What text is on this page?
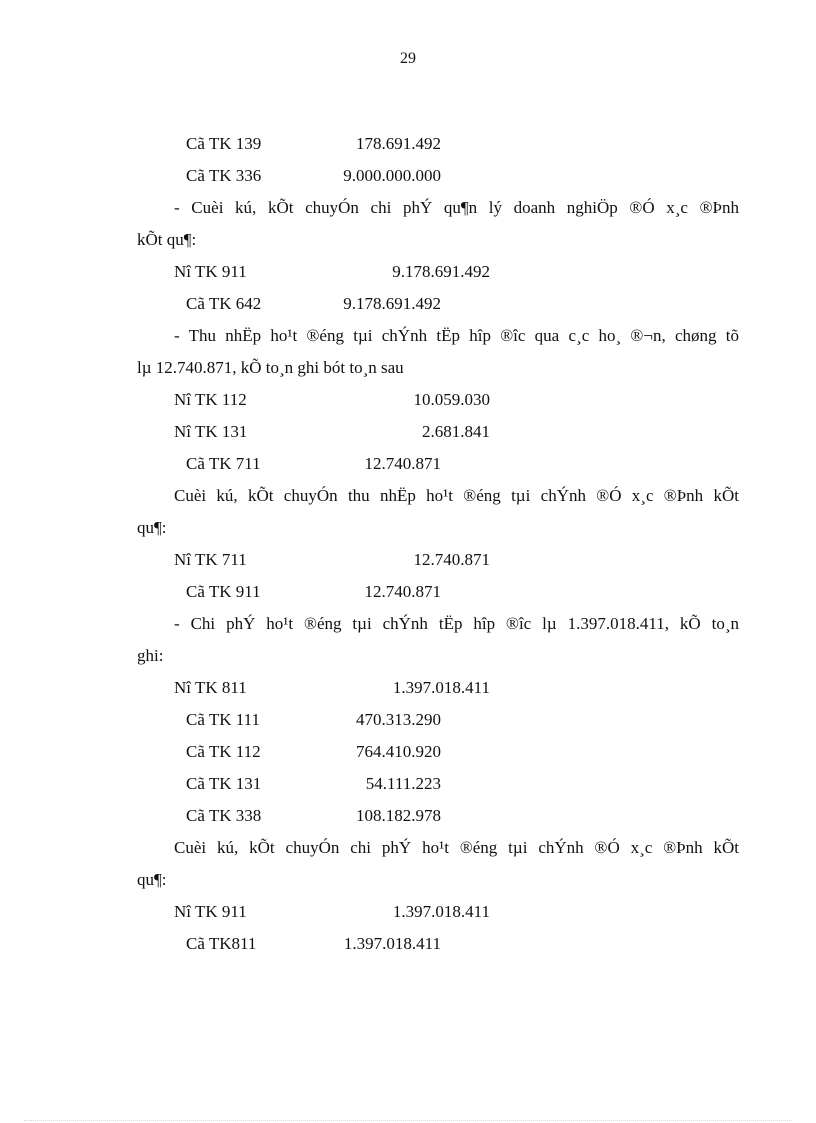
29
Cã TK 139	178.691.492
Cã TK 336	9.000.000.000
- Cuèi kú, kÕt chuyÓn chi phÝ qu¶n lý doanh nghiÖp ®Ó x¸c ®Þnh
kÕt qu¶:
Nî TK 911	9.178.691.492
Cã TK 642	9.178.691.492
- Thu nhËp ho¹t ®éng tµi chÝnh tËp hîp ®îc qua c¸c ho¸ ®¬n, chøng tõ
lµ 12.740.871, kÕ to¸n ghi bót to¸n sau
Nî TK 112	10.059.030
Nî TK 131	2.681.841
Cã TK 711	12.740.871
Cuèi kú, kÕt chuyÓn thu nhËp ho¹t ®éng tµi chÝnh ®Ó x¸c ®Þnh kÕt
qu¶:
Nî TK 711	12.740.871
Cã TK 911	12.740.871
- Chi phÝ ho¹t ®éng tµi chÝnh tËp hîp ®îc lµ 1.397.018.411, kÕ to¸n
ghi:
Nî TK 811	1.397.018.411
Cã TK 111	470.313.290
Cã TK 112	764.410.920
Cã TK 131	54.111.223
Cã TK 338	108.182.978
Cuèi kú, kÕt chuyÓn chi phÝ ho¹t ®éng tµi chÝnh ®Ó x¸c ®Þnh kÕt
qu¶:
Nî TK 911	1.397.018.411
Cã TK811	1.397.018.411
